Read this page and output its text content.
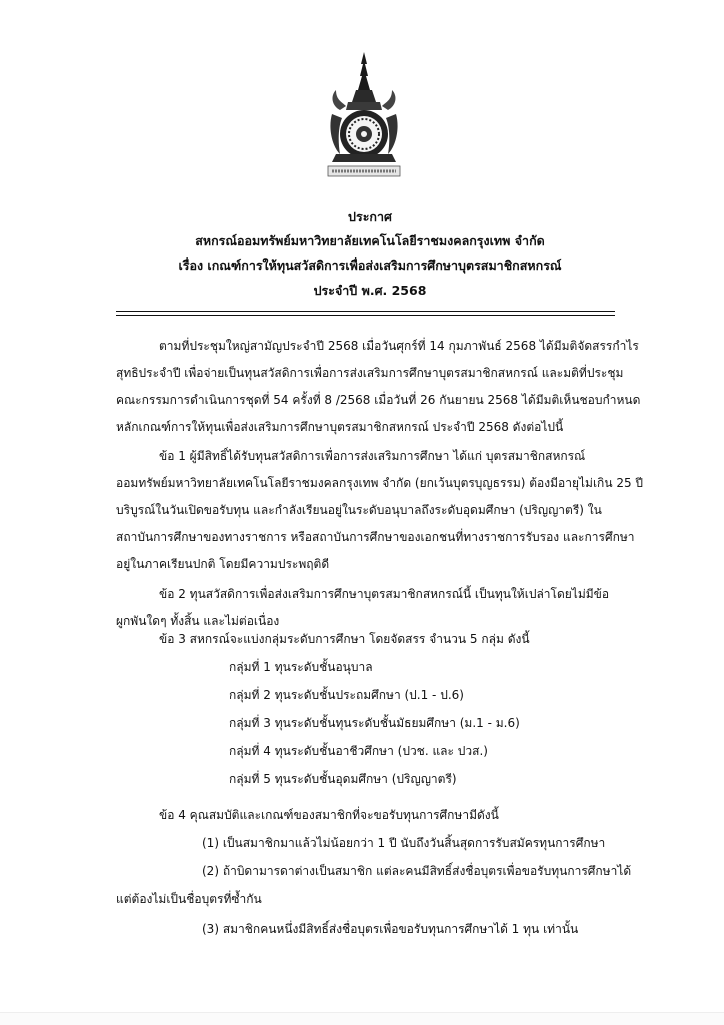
ประกาศ
สหกรณ์ออมทรัพย์มหาวิทยาลัยเทคโนโลยีราชมงคลกรุงเทพ จำกัด
เรื่อง เกณฑ์การให้ทุนสวัสดิการเพื่อส่งเสริมการศึกษาบุตรสมาชิกสหกรณ์
ประจำปี พ.ศ. 2568
ตามที่ประชุมใหญ่สามัญประจำปี 2568 เมื่อวันศุกร์ที่ 14 กุมภาพันธ์ 2568 ได้มีมติจัดสรรกำไร
สุทธิประจำปี เพื่อจ่ายเป็นทุนสวัสดิการเพื่อการส่งเสริมการศึกษาบุตรสมาชิกสหกรณ์ และมติที่ประชุม
คณะกรรมการดำเนินการชุดที่ 54 ครั้งที่ 8 /2568 เมื่อวันที่ 26 กันยายน 2568 ได้มีมติเห็นชอบกำหนด
หลักเกณฑ์การให้ทุนเพื่อส่งเสริมการศึกษาบุตรสมาชิกสหกรณ์ ประจำปี 2568 ดังต่อไปนี้
ข้อ 1 ผู้มีสิทธิ์ได้รับทุนสวัสดิการเพื่อการส่งเสริมการศึกษา ได้แก่ บุตรสมาชิกสหกรณ์
ออมทรัพย์มหาวิทยาลัยเทคโนโลยีราชมงคลกรุงเทพ จำกัด (ยกเว้นบุตรบุญธรรม) ต้องมีอายุไม่เกิน 25 ปี
บริบูรณ์ในวันเปิดขอรับทุน และกำลังเรียนอยู่ในระดับอนุบาลถึงระดับอุดมศึกษา (ปริญญาตรี) ใน
สถาบันการศึกษาของทางราชการ หรือสถาบันการศึกษาของเอกชนที่ทางราชการรับรอง และการศึกษา
อยู่ในภาคเรียนปกติ โดยมีความประพฤติดี
ข้อ 2 ทุนสวัสดิการเพื่อส่งเสริมการศึกษาบุตรสมาชิกสหกรณ์นี้ เป็นทุนให้เปล่าโดยไม่มีข้อ
ผูกพันใดๆ ทั้งสิ้น และไม่ต่อเนื่อง
ข้อ 3 สหกรณ์จะแบ่งกลุ่มระดับการศึกษา โดยจัดสรร จำนวน 5 กลุ่ม ดังนี้
กลุ่มที่ 1 ทุนระดับชั้นอนุบาล
กลุ่มที่ 2 ทุนระดับชั้นประถมศึกษา (ป.1 - ป.6)
กลุ่มที่ 3 ทุนระดับชั้นทุนระดับชั้นมัธยมศึกษา (ม.1 - ม.6)
กลุ่มที่ 4 ทุนระดับชั้นอาชีวศึกษา (ปวช. และ ปวส.)
กลุ่มที่ 5 ทุนระดับชั้นอุดมศึกษา (ปริญญาตรี)
ข้อ 4 คุณสมบัติและเกณฑ์ของสมาชิกที่จะขอรับทุนการศึกษามีดังนี้
(1) เป็นสมาชิกมาแล้วไม่น้อยกว่า 1 ปี นับถึงวันสิ้นสุดการรับสมัครทุนการศึกษา
(2) ถ้าบิดามารดาต่างเป็นสมาชิก แต่ละคนมีสิทธิ์ส่งชื่อบุตรเพื่อขอรับทุนการศึกษาได้
แต่ต้องไม่เป็นชื่อบุตรที่ซ้ำกัน
(3) สมาชิกคนหนึ่งมีสิทธิ์ส่งชื่อบุตรเพื่อขอรับทุนการศึกษาได้ 1 ทุน เท่านั้น
